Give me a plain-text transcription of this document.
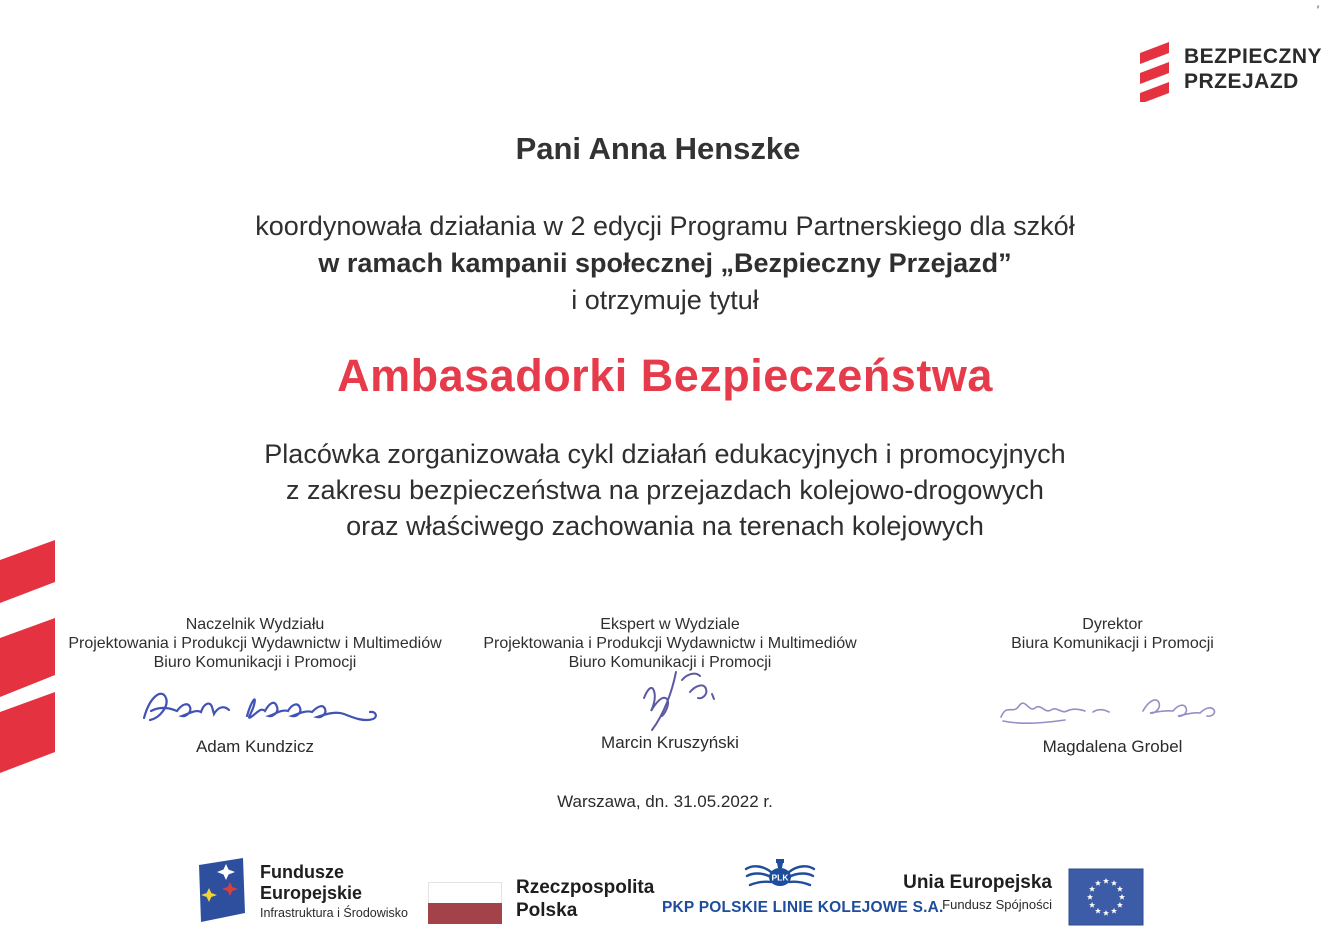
'
BEZPIECZNY
PRZEJAZD
Pani Anna Henszke
koordynowała działania w 2 edycji Programu Partnerskiego dla szkół
w ramach kampanii społecznej „Bezpieczny Przejazd”
i otrzymuje tytuł
Ambasadorki Bezpieczeństwa
Placówka zorganizowała cykl działań edukacyjnych i promocyjnych
z zakresu bezpieczeństwa na przejazdach kolejowo-drogowych
oraz właściwego zachowania na terenach kolejowych
Naczelnik Wydziału
Projektowania i Produkcji Wydawnictw i Multimediów
Biuro Komunikacji i Promocji
Adam Kundzicz
Ekspert w Wydziale
Projektowania i Produkcji Wydawnictw i Multimediów
Biuro Komunikacji i Promocji
Marcin Kruszyński
Dyrektor
Biura Komunikacji i Promocji
Magdalena Grobel
Warszawa, dn. 31.05.2022 r.
Fundusze
Europejskie
Infrastruktura i Środowisko
Rzeczpospolita
Polska
PLK
PKP POLSKIE LINIE KOLEJOWE S.A.
Unia Europejska
Fundusz Spójności
